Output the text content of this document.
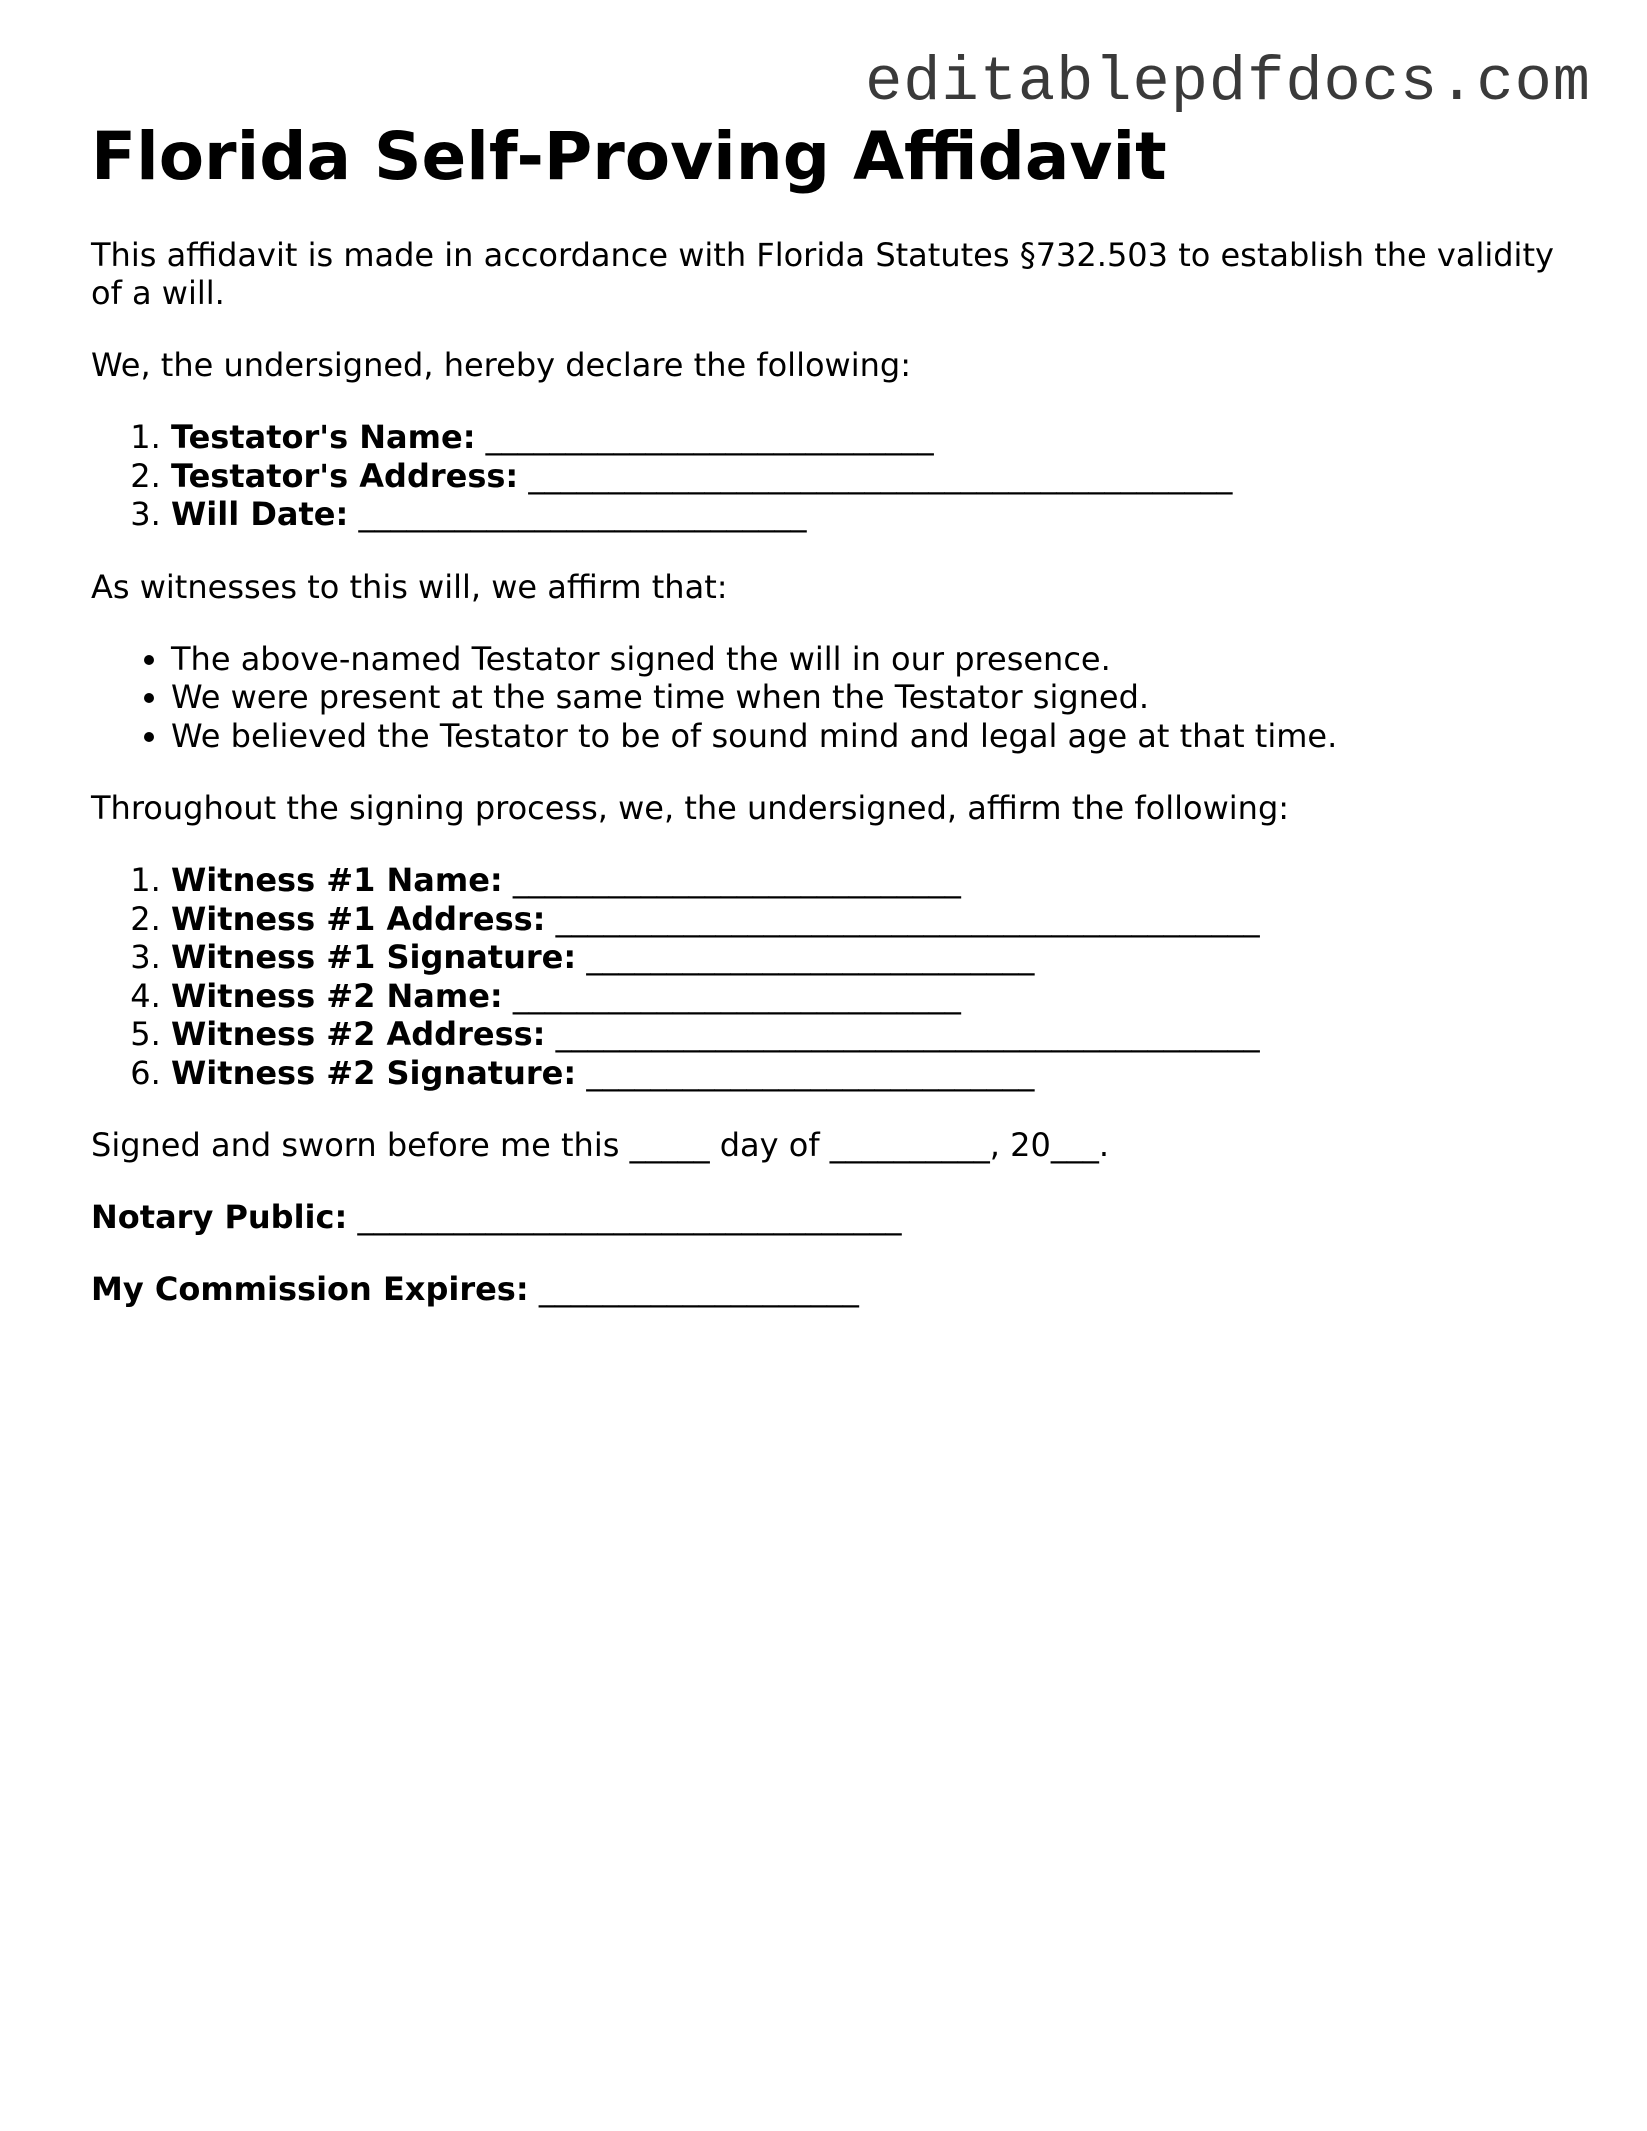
editablepdfdocs.com
Florida Self-Proving Affidavit

This affidavit is made in accordance with Florida Statutes §732.503 to establish the validity of a will.

We, the undersigned, hereby declare the following:

1. Testator's Name: ____________________________
2. Testator's Address: ____________________________________________
3. Will Date: ____________________________

As witnesses to this will, we affirm that:

• The above-named Testator signed the will in our presence.
• We were present at the same time when the Testator signed.
• We believed the Testator to be of sound mind and legal age at that time.

Throughout the signing process, we, the undersigned, affirm the following:

1. Witness #1 Name: ____________________________
2. Witness #1 Address: ____________________________________________
3. Witness #1 Signature: ____________________________
4. Witness #2 Name: ____________________________
5. Witness #2 Address: ____________________________________________
6. Witness #2 Signature: ____________________________

Signed and sworn before me this _____ day of __________, 20___.

Notary Public: __________________________________

My Commission Expires: ____________________
